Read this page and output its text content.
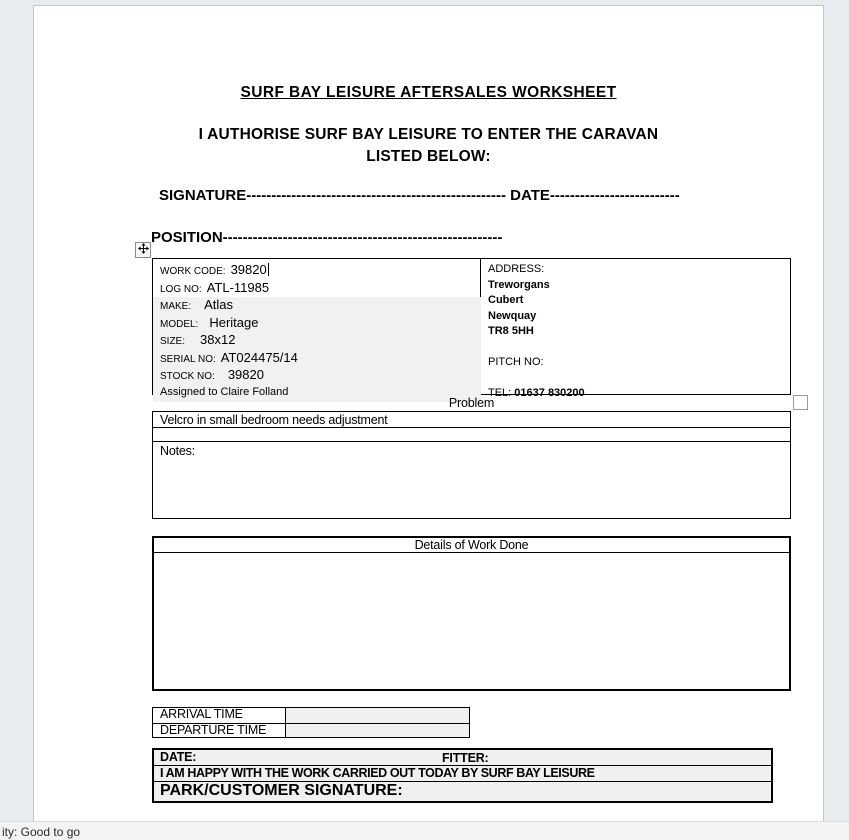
SURF BAY LEISURE AFTERSALES WORKSHEET
I AUTHORISE SURF BAY LEISURE TO ENTER THE CARAVAN
LISTED BELOW:
SIGNATURE---------------------------------------------------- DATE--------------------------
POSITION--------------------------------------------------------
WORK CODE: 39820
LOG NO: ATL-11985
MAKE: Atlas
MODEL: Heritage
SIZE: 38x12
SERIAL NO: AT024475/14
STOCK NO: 39820
Assigned to Claire Folland
ADDRESS:
Treworgans
Cubert
Newquay
TR8 5HH
PITCH NO:
TEL: 01637 830200
Problem
Velcro in small bedroom needs adjustment
Notes:
Details of Work Done
ARRIVAL TIME
DEPARTURE TIME
DATE:	FITTER:
I AM HAPPY WITH THE WORK CARRIED OUT TODAY BY SURF BAY LEISURE
PARK/CUSTOMER SIGNATURE:
ity: Good to go
